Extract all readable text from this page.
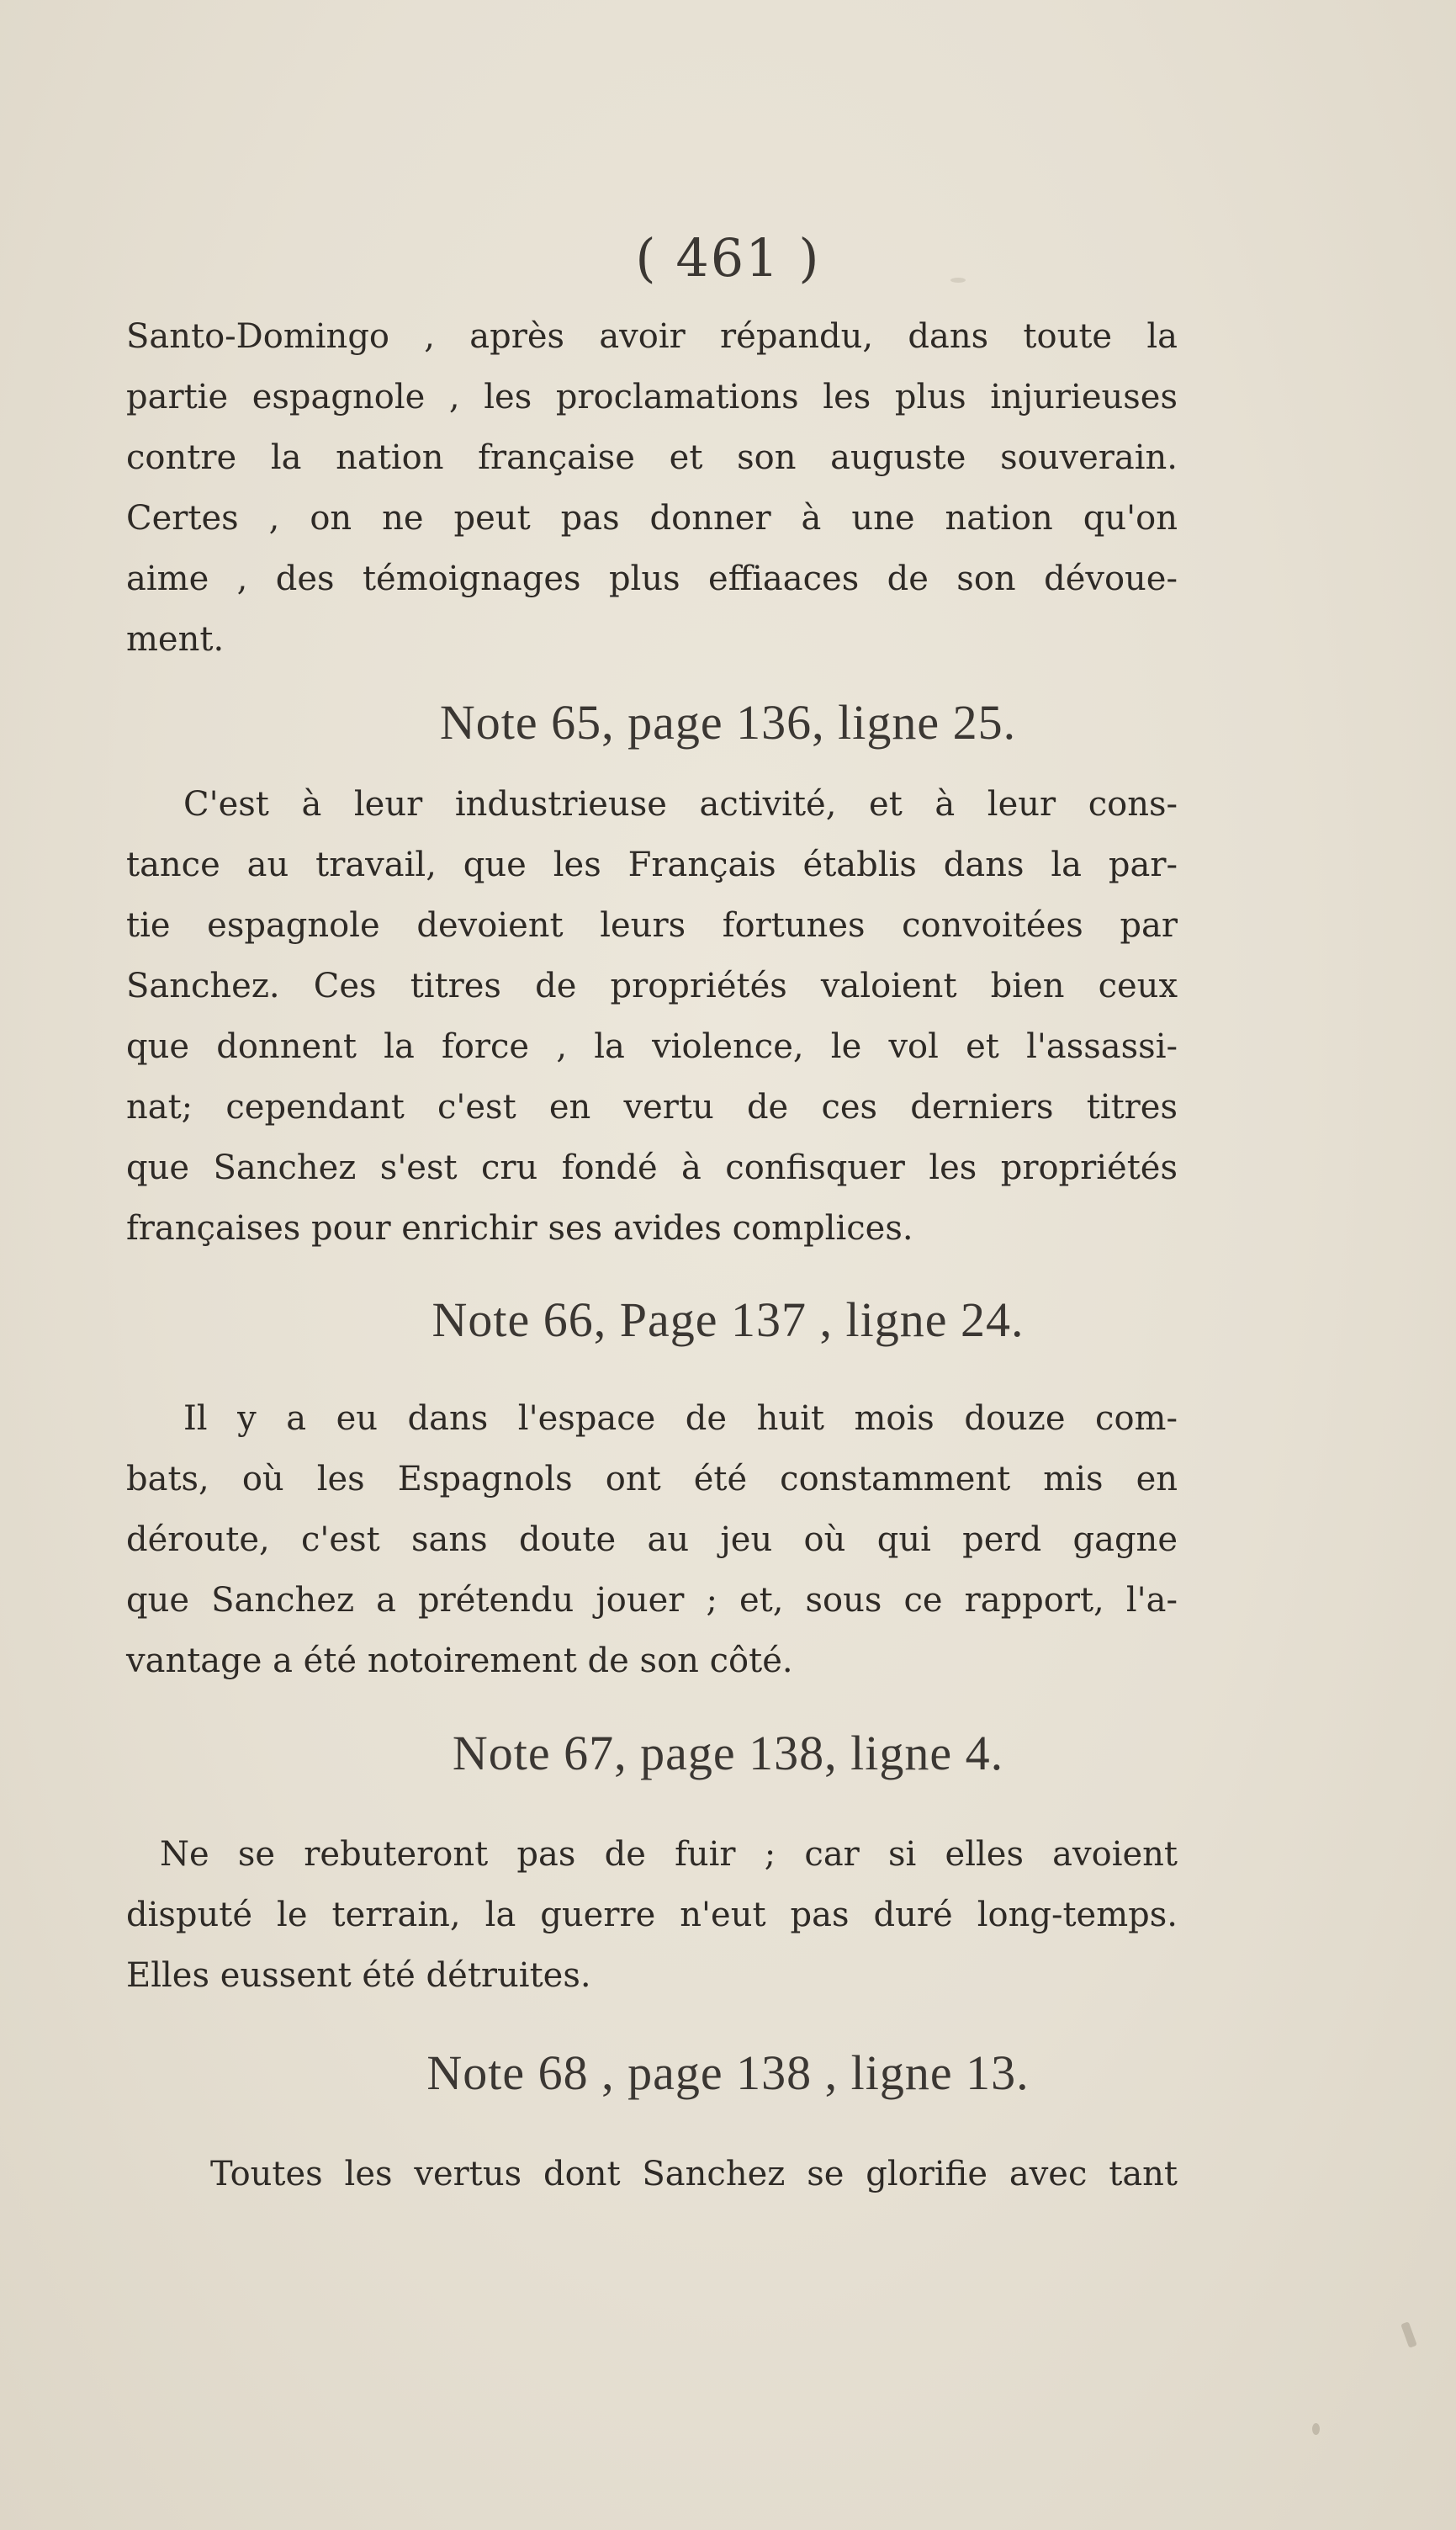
( 461 )
Santo-Domingo , après avoir répandu, dans toute la
partie espagnole , les proclamations les plus injurieuses
contre la nation française et son auguste souverain.
Certes , on ne peut pas donner à une nation qu'on
aime , des témoignages plus effiaaces de son dévoue-
ment.
Note 65, page 136, ligne 25.
C'est à leur industrieuse activité, et à leur cons-
tance au travail, que les Français établis dans la par-
tie espagnole devoient leurs fortunes convoitées par
Sanchez. Ces titres de propriétés valoient bien ceux
que donnent la force , la violence, le vol et l'assassi-
nat; cependant c'est en vertu de ces derniers titres
que Sanchez s'est cru fondé à confisquer les propriétés
françaises pour enrichir ses avides complices.
Note 66, Page 137 , ligne 24.
Il y a eu dans l'espace de huit mois douze com-
bats, où les Espagnols ont été constamment mis en
déroute, c'est sans doute au jeu où qui perd gagne
que Sanchez a prétendu jouer ; et, sous ce rapport, l'a-
vantage a été notoirement de son côté.
Note 67, page 138, ligne 4.
Ne se rebuteront pas de fuir ; car si elles avoient
disputé le terrain, la guerre n'eut pas duré long-temps.
Elles eussent été détruites.
Note 68 , page 138 , ligne 13.
Toutes les vertus dont Sanchez se glorifie avec tant
